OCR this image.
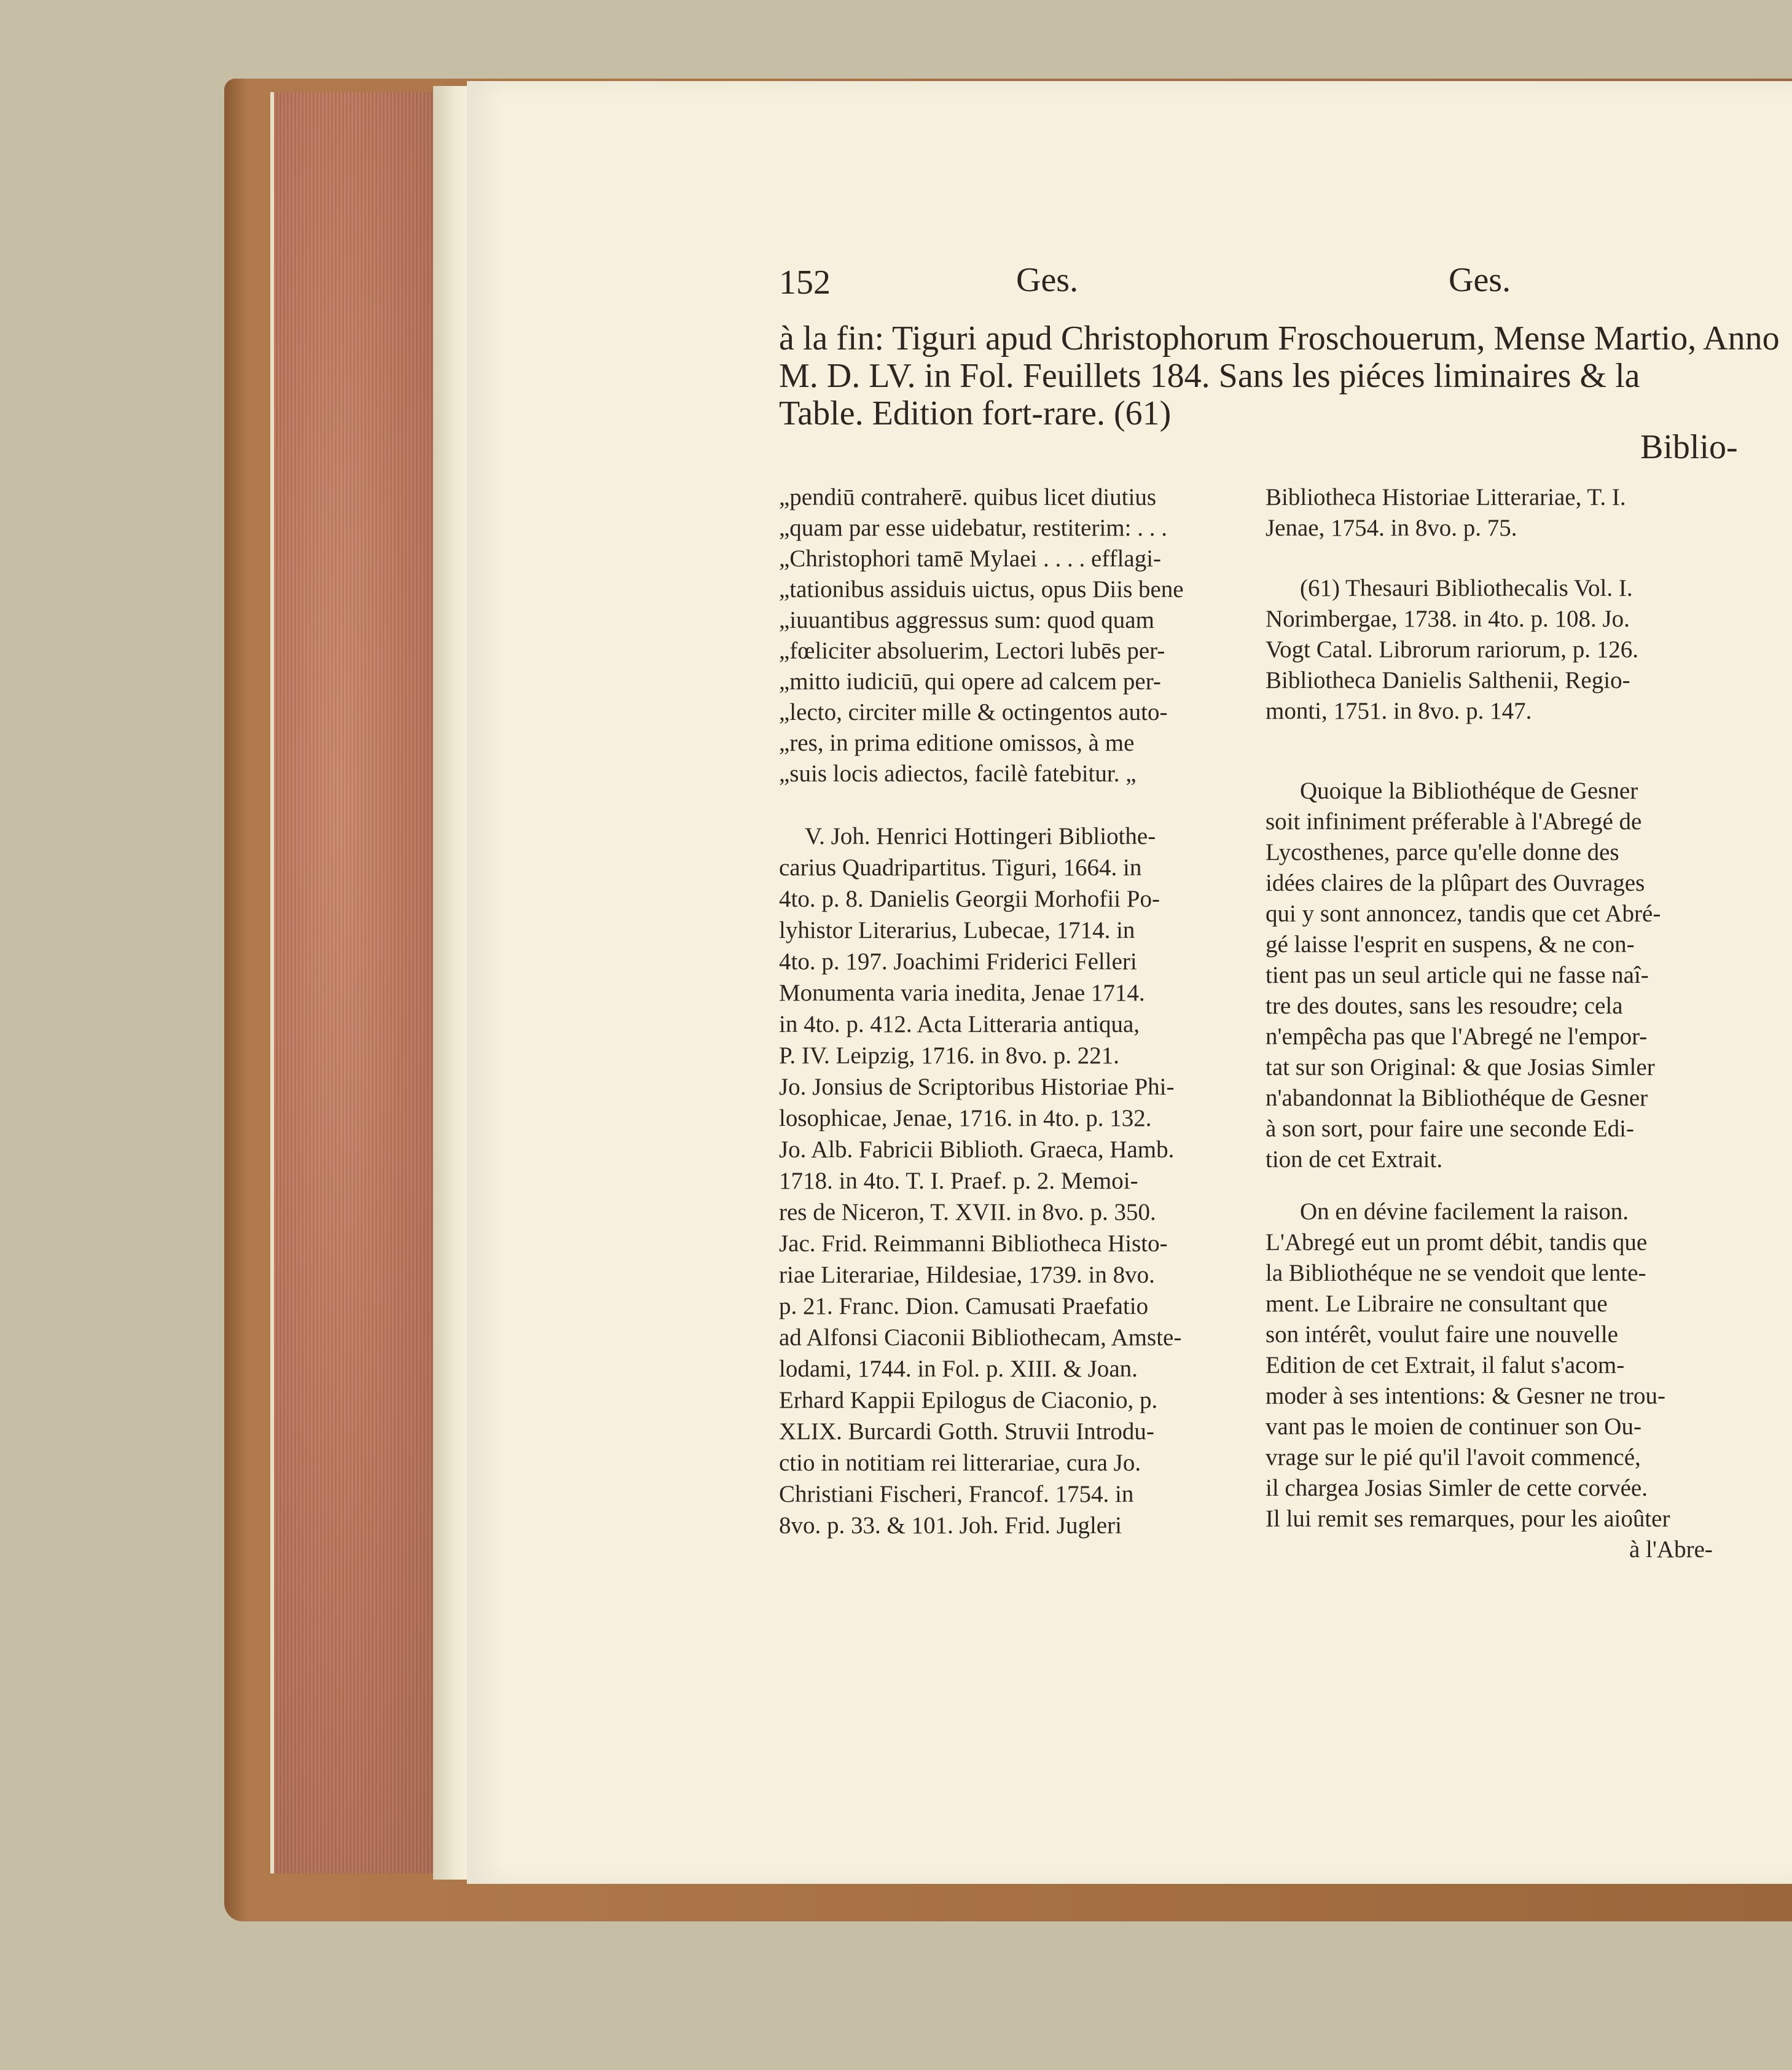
152	Ges.	Ges.
à la fin: Tiguri apud Christophorum Froschouerum, Mense Martio, Anno
M. D. LV. in Fol. Feuillets 184. Sans les piéces liminaires & la
Table. Edition fort-rare. (61)
Biblio-
„pendiū contraherē. quibus licet diutius
„quam par esse uidebatur, restiterim: . . .
„Christophori tamē Mylaei . . . . efflagi-
„tationibus assiduis uictus, opus Diis bene
„iuuantibus aggressus sum: quod quam
„fœliciter absoluerim, Lectori lubēs per-
„mitto iudiciū, qui opere ad calcem per-
„lecto, circiter mille & octingentos auto-
„res, in prima editione omissos, à me
„suis locis adiectos, facilè fatebitur. „
V. Joh. Henrici Hottingeri Bibliothe-
carius Quadripartitus. Tiguri, 1664. in
4to. p. 8. Danielis Georgii Morhofii Po-
lyhistor Literarius, Lubecae, 1714. in
4to. p. 197. Joachimi Friderici Felleri
Monumenta varia inedita, Jenae 1714.
in 4to. p. 412. Acta Litteraria antiqua,
P. IV. Leipzig, 1716. in 8vo. p. 221.
Jo. Jonsius de Scriptoribus Historiae Phi-
losophicae, Jenae, 1716. in 4to. p. 132.
Jo. Alb. Fabricii Biblioth. Graeca, Hamb.
1718. in 4to. T. I. Praef. p. 2. Memoi-
res de Niceron, T. XVII. in 8vo. p. 350.
Jac. Frid. Reimmanni Bibliotheca Histo-
riae Literariae, Hildesiae, 1739. in 8vo.
p. 21. Franc. Dion. Camusati Praefatio
ad Alfonsi Ciaconii Bibliothecam, Amste-
lodami, 1744. in Fol. p. XIII. & Joan.
Erhard Kappii Epilogus de Ciaconio, p.
XLIX. Burcardi Gotth. Struvii Introdu-
ctio in notitiam rei litterariae, cura Jo.
Christiani Fischeri, Francof. 1754. in
8vo. p. 33. & 101. Joh. Frid. Jugleri
Bibliotheca Historiae Litterariae, T. I.
Jenae, 1754. in 8vo. p. 75.
(61) Thesauri Bibliothecalis Vol. I.
Norimbergae, 1738. in 4to. p. 108. Jo.
Vogt Catal. Librorum rariorum, p. 126.
Bibliotheca Danielis Salthenii, Regio-
monti, 1751. in 8vo. p. 147.
Quoique la Bibliothéque de Gesner
soit infiniment préferable à l'Abregé de
Lycosthenes, parce qu'elle donne des
idées claires de la plûpart des Ouvrages
qui y sont annoncez, tandis que cet Abré-
gé laisse l'esprit en suspens, & ne con-
tient pas un seul article qui ne fasse naî-
tre des doutes, sans les resoudre; cela
n'empêcha pas que l'Abregé ne l'empor-
tat sur son Original: & que Josias Simler
n'abandonnat la Bibliothéque de Gesner
à son sort, pour faire une seconde Edi-
tion de cet Extrait.
On en dévine facilement la raison.
L'Abregé eut un promt débit, tandis que
la Bibliothéque ne se vendoit que lente-
ment. Le Libraire ne consultant que
son intérêt, voulut faire une nouvelle
Edition de cet Extrait, il falut s'acom-
moder à ses intentions: & Gesner ne trou-
vant pas le moien de continuer son Ou-
vrage sur le pié qu'il l'avoit commencé,
il chargea Josias Simler de cette corvée.
Il lui remit ses remarques, pour les aioûter
à l'Abre-
